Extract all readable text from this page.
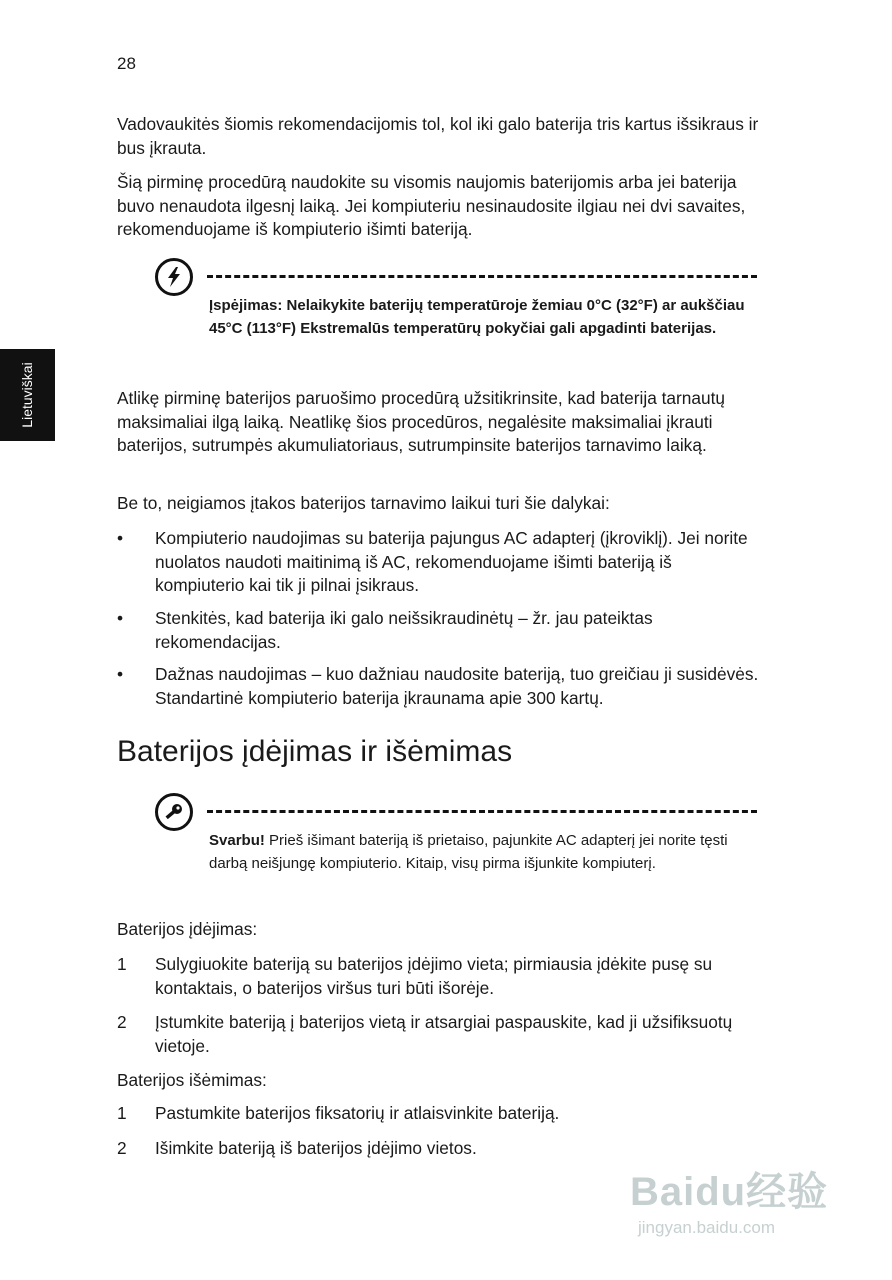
28
Lietuviškai

Vadovaukitės šiomis rekomendacijomis tol, kol iki galo baterija tris kartus išsikraus ir bus įkrauta.

Šią pirminę procedūrą naudokite su visomis naujomis baterijomis arba jei baterija buvo nenaudota ilgesnį laiką. Jei kompiuteriu nesinaudosite ilgiau nei dvi savaites, rekomenduojame iš kompiuterio išimti bateriją.

Įspėjimas: Nelaikykite baterijų temperatūroje žemiau 0°C (32°F) ar aukščiau 45°C (113°F) Ekstremalūs temperatūrų pokyčiai gali apgadinti baterijas.

Atlikę pirminę baterijos paruošimo procedūrą užsitikrinsite, kad baterija tarnautų maksimaliai ilgą laiką. Neatlikę šios procedūros, negalėsite maksimaliai įkrauti baterijos, sutrumpės akumuliatoriaus, sutrumpinsite baterijos tarnavimo laiką.

Be to, neigiamos įtakos baterijos tarnavimo laikui turi šie dalykai:

• Kompiuterio naudojimas su baterija pajungus AC adapterį (įkroviklį). Jei norite nuolatos naudoti maitinimą iš AC, rekomenduojame išimti bateriją iš kompiuterio kai tik ji pilnai įsikraus.
• Stenkitės, kad baterija iki galo neišsikraudinėtų – žr. jau pateiktas rekomendacijas.
• Dažnas naudojimas – kuo dažniau naudosite bateriją, tuo greičiau ji susidėvės. Standartinė kompiuterio baterija įkraunama apie 300 kartų.
Baterijos įdėjimas ir išėmimas

Svarbu! Prieš išimant bateriją iš prietaiso, pajunkite AC adapterį jei norite tęsti darbą neišjungę kompiuterio. Kitaip, visų pirma išjunkite kompiuterį.

Baterijos įdėjimas:

1 Sulygiuokite bateriją su baterijos įdėjimo vieta; pirmiausia įdėkite pusę su kontaktais, o baterijos viršus turi būti išorėje.
2 Įstumkite bateriją į baterijos vietą ir atsargiai paspauskite, kad ji užsifiksuotų vietoje.

Baterijos išėmimas:

1 Pastumkite baterijos fiksatorių ir atlaisvinkite bateriją.
2 Išimkite bateriją iš baterijos įdėjimo vietos.
Baidu经验
jingyan.baidu.com
